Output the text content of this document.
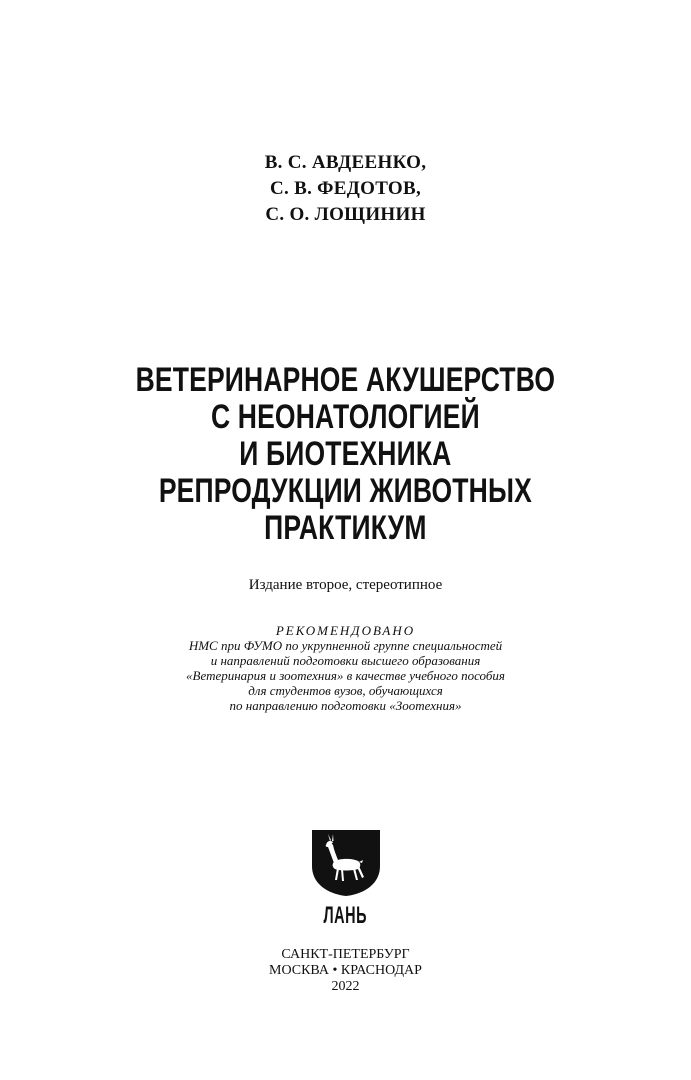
В. С. АВДЕЕНКО,
С. В. ФЕДОТОВ,
С. О. ЛОЩИНИН
ВЕТЕРИНАРНОЕ АКУШЕРСТВО
С НЕОНАТОЛОГИЕЙ
И БИОТЕХНИКА
РЕПРОДУКЦИИ ЖИВОТНЫХ
ПРАКТИКУМ
Издание второе, стереотипное
РЕКОМЕНДОВАНО
НМС при ФУМО по укрупненной группе специальностей
и направлений подготовки высшего образования
«Ветеринария и зоотехния» в качестве учебного пособия
для студентов вузов, обучающихся
по направлению подготовки «Зоотехния»
ЛАНЬ
САНКТ-ПЕТЕРБУРГ
МОСКВА • КРАСНОДАР
2022
